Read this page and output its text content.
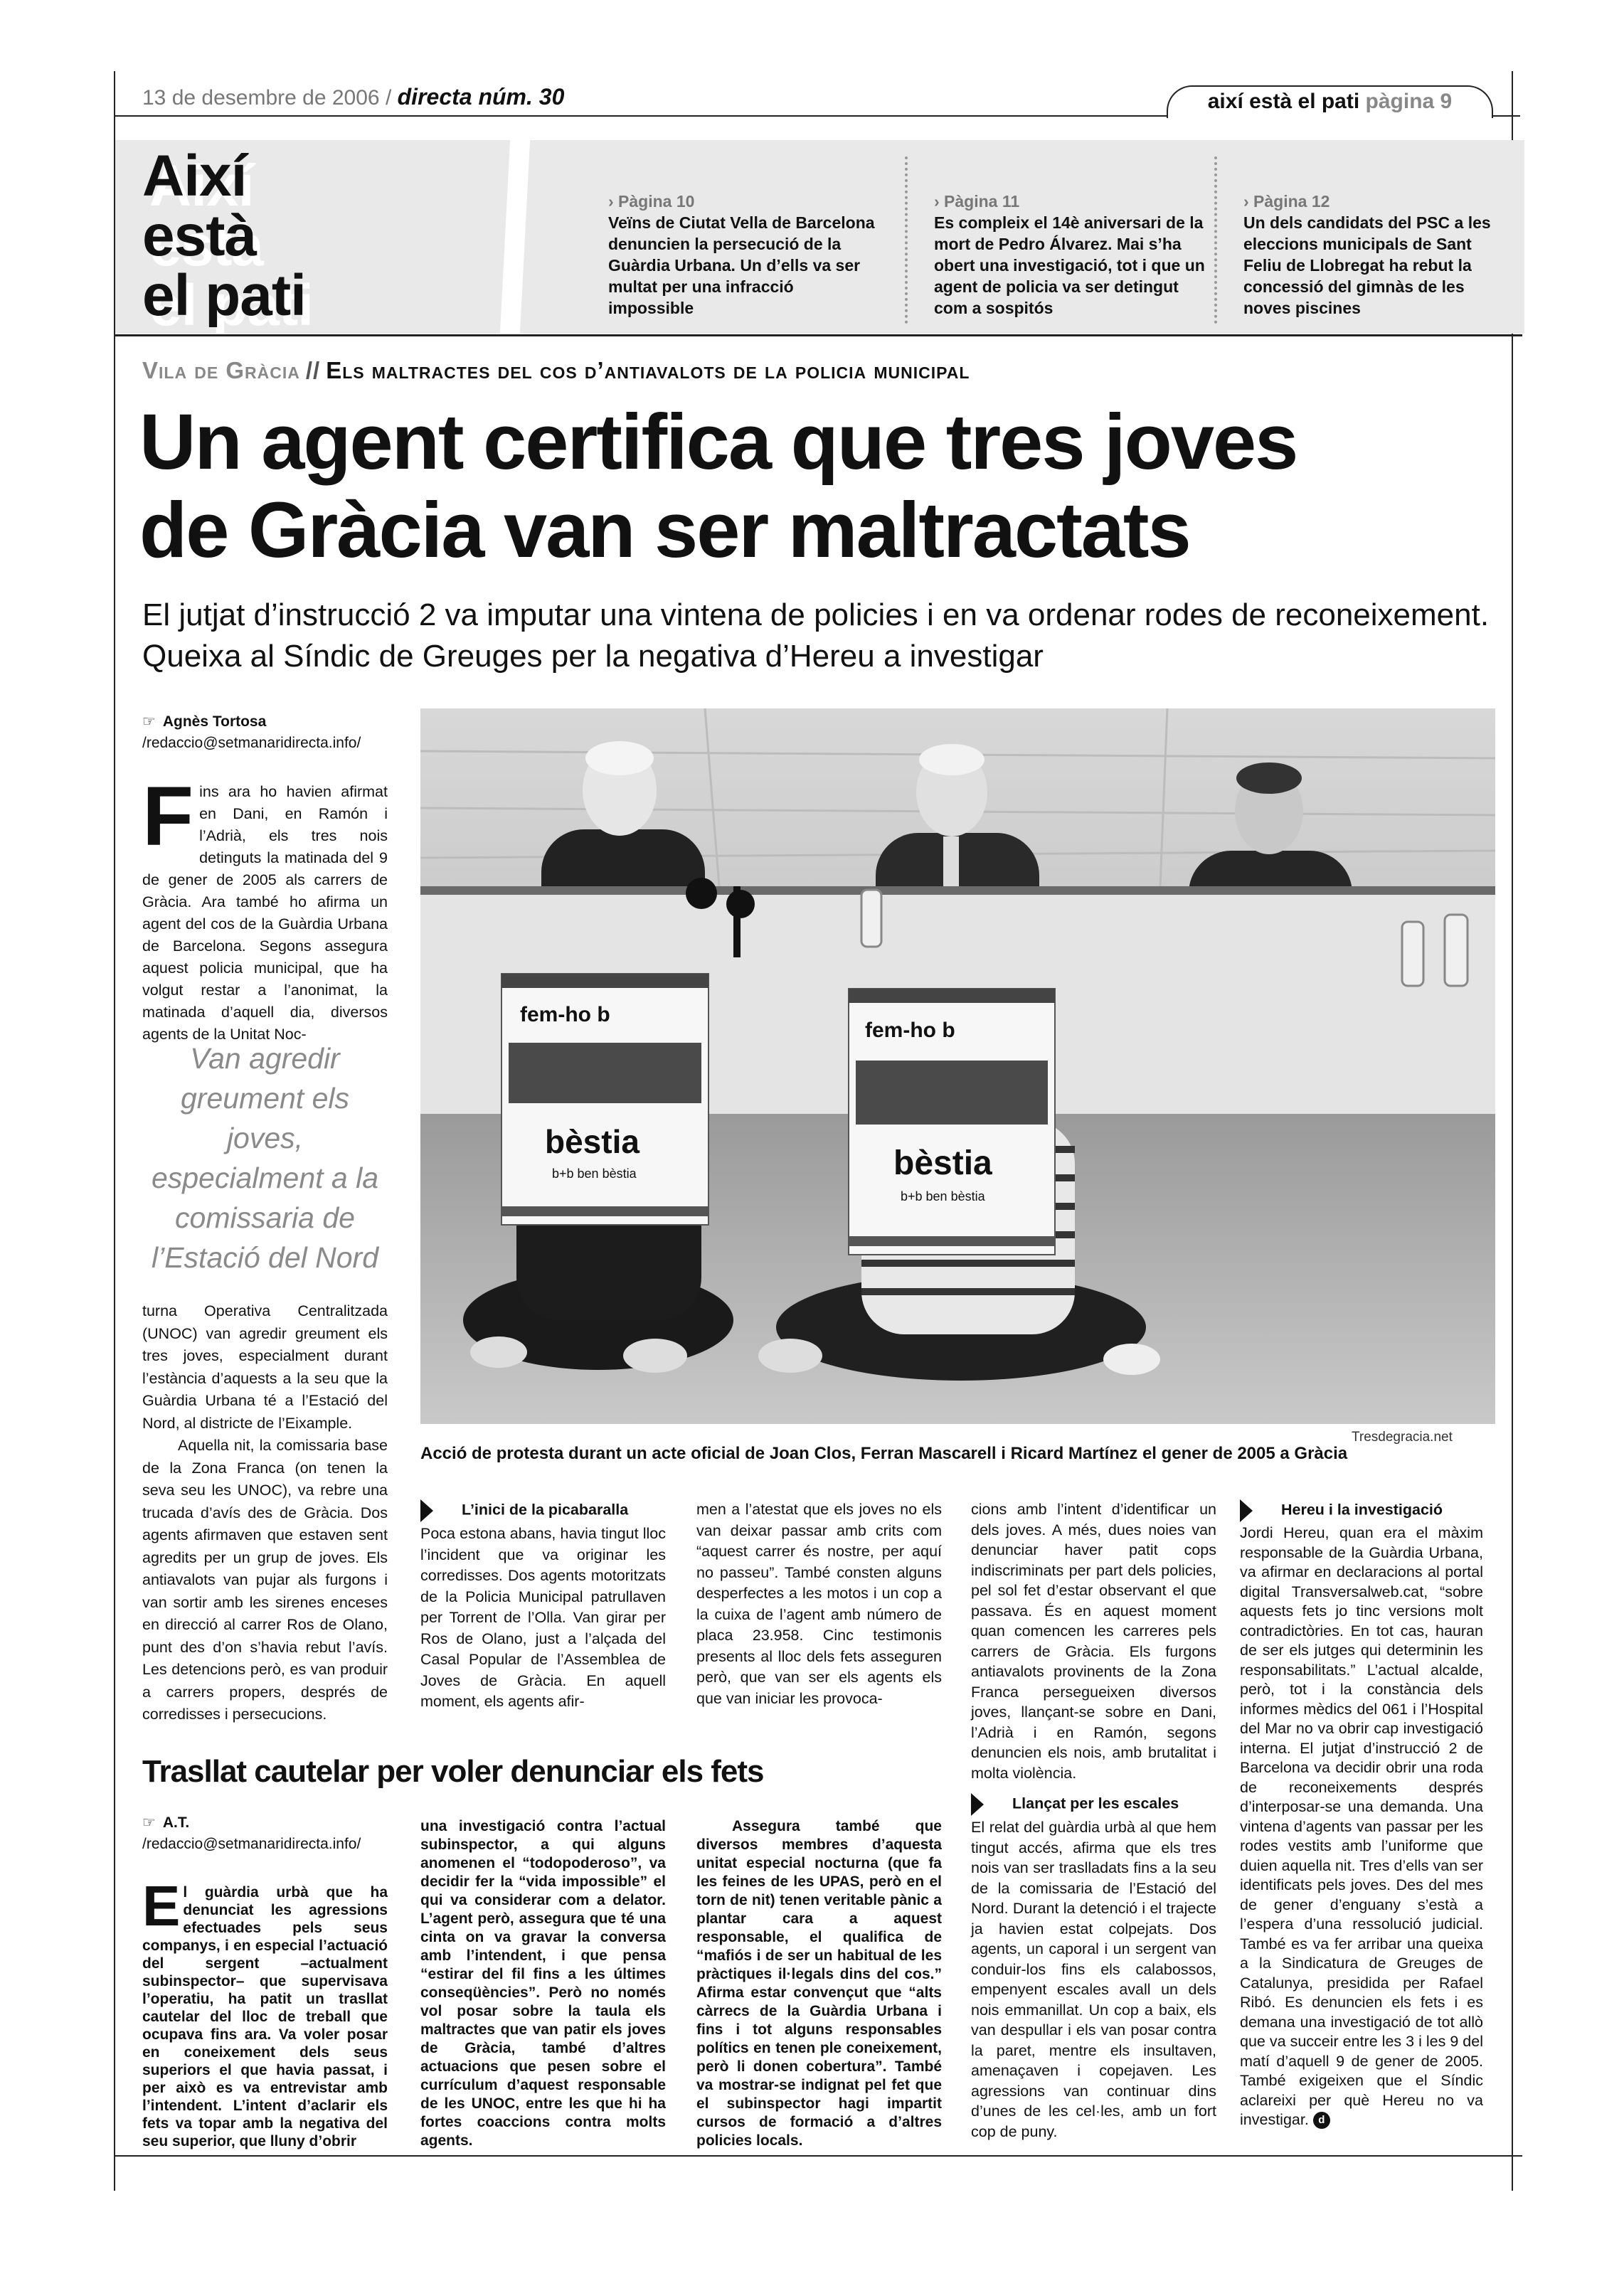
13 de desembre de 2006 / directa núm. 30	així està el pati pàgina 9
Així
està
el pati
› Pàgina 10
Veïns de Ciutat Vella de Barcelona denuncien la persecució de la Guàrdia Urbana. Un d’ells va ser multat per una infracció impossible
› Pàgina 11
Es compleix el 14è aniversari de la mort de Pedro Álvarez. Mai s’ha obert una investigació, tot i que un agent de policia va ser detingut com a sospitós
› Pàgina 12
Un dels candidats del PSC a les eleccions municipals de Sant Feliu de Llobregat ha rebut la concessió del gimnàs de les noves piscines
Vila de Gràcia // Els maltractes del cos d’antiavalots de la policia municipal
Un agent certifica que tres joves
de Gràcia van ser maltractats
El jutjat d’instrucció 2 va imputar una vintena de policies i en va ordenar rodes de reconeixement. Queixa al Síndic de Greuges per la negativa d’Hereu a investigar
☞ Agnès Tortosa
/redaccio@setmanaridirecta.info/
F ins ara ho havien afirmat en Dani, en Ramón i l’Adrià, els tres nois detinguts la matinada del 9 de gener de 2005 als carrers de Gràcia. Ara també ho afirma un agent del cos de la Guàrdia Urbana de Barcelona. Segons assegura aquest policia municipal, que ha volgut restar a l’anonimat, la matinada d’aquell dia, diversos agents de la Unitat Noc-

Van agredir greument els joves, especialment a la comissaria de l’Estació del Nord

turna Operativa Centralitzada (UNOC) van agredir greument els tres joves, especialment durant l’estància d’aquests a la seu que la Guàrdia Urbana té a l’Estació del Nord, al districte de l’Eixample.

Aquella nit, la comissaria base de la Zona Franca (on tenen la seva seu les UNOC), va rebre una trucada d’avís des de Gràcia. Dos agents afirmaven que estaven sent agredits per un grup de joves. Els antiavalots van pujar als furgons i van sortir amb les sirenes enceses en direcció al carrer Ros de Olano, punt des d’on s’havia rebut l’avís. Les detencions però, es van produir a carrers propers, després de corredisses i persecucions.

fem-ho b
bèstia
b+b ben bèstia
fem-ho b
bèstia
b+b ben bèstia
Tresdegracia.net
Acció de protesta durant un acte oficial de Joan Clos, Ferran Mascarell i Ricard Martínez el gener de 2005 a Gràcia
L’inici de la picabaralla

Poca estona abans, havia tingut lloc l’incident que va originar les corredisses. Dos agents motoritzats de la Policia Municipal patrullaven per Torrent de l’Olla. Van girar per Ros de Olano, just a l’alçada del Casal Popular de l’Assemblea de Joves de Gràcia. En aquell moment, els agents afir-

men a l’atestat que els joves no els van deixar passar amb crits com “aquest carrer és nostre, per aquí no passeu”. També consten alguns desperfectes a les motos i un cop a la cuixa de l’agent amb número de placa 23.958. Cinc testimonis presents al lloc dels fets asseguren però, que van ser els agents els que van iniciar les provoca-

cions amb l’intent d’identificar un dels joves. A més, dues noies van denunciar haver patit cops indiscriminats per part dels policies, pel sol fet d’estar observant el que passava. És en aquest moment quan comencen les carreres pels carrers de Gràcia. Els furgons antiavalots provinents de la Zona Franca persegueixen diversos joves, llançant-se sobre en Dani, l’Adrià i en Ramón, segons denuncien els nois, amb brutalitat i molta violència.

Llançat per les escales

El relat del guàrdia urbà al que hem tingut accés, afirma que els tres nois van ser traslladats fins a la seu de la comissaria de l’Estació del Nord. Durant la detenció i el trajecte ja havien estat colpejats. Dos agents, un caporal i un sergent van conduir-los fins els calabossos, empenyent escales avall un dels nois emmanillat. Un cop a baix, els van despullar i els van posar contra la paret, mentre els insultaven, amenaçaven i copejaven. Les agressions van continuar dins d’unes de les cel·les, amb un fort cop de puny.

Hereu i la investigació

Jordi Hereu, quan era el màxim responsable de la Guàrdia Urbana, va afirmar en declaracions al portal digital Transversalweb.cat, “sobre aquests fets jo tinc versions molt contradictòries. En tot cas, hauran de ser els jutges qui determinin les responsabilitats.” L’actual alcalde, però, tot i la constància dels informes mèdics del 061 i l’Hospital del Mar no va obrir cap investigació interna. El jutjat d’instrucció 2 de Barcelona va decidir obrir una roda de reconeixements després d’interposar-se una demanda. Una vintena d’agents van passar per les rodes vestits amb l’uniforme que duien aquella nit. Tres d’ells van ser identificats pels joves. Des del mes de gener d’enguany s’està a l’espera d’una ressolució judicial. També es va fer arribar una queixa a la Sindicatura de Greuges de Catalunya, presidida per Rafael Ribó. Es denuncien els fets i es demana una investigació de tot allò que va succeir entre les 3 i les 9 del matí d’aquell 9 de gener de 2005. També exigeixen que el Síndic aclareixi per què Hereu no va investigar. d

Trasllat cautelar per voler denunciar els fets
☞ A.T.
/redaccio@setmanaridirecta.info/
E l guàrdia urbà que ha denunciat les agressions efectuades pels seus companys, i en especial l’actuació del sergent –actualment subinspector– que supervisava l’operatiu, ha patit un trasllat cautelar del lloc de treball que ocupava fins ara. Va voler posar en coneixement dels seus superiors el que havia passat, i per això es va entrevistar amb l’intendent. L’intent d’aclarir els fets va topar amb la negativa del seu superior, que lluny d’obrir

una investigació contra l’actual subinspector, a qui alguns anomenen el “todopoderoso”, va decidir fer la “vida impossible” el qui va considerar com a delator. L’agent però, assegura que té una cinta on va gravar la conversa amb l’intendent, i que pensa “estirar del fil fins a les últimes conseqüències”. Però no només vol posar sobre la taula els maltractes que van patir els joves de Gràcia, també d’altres actuacions que pesen sobre el currículum d’aquest responsable de les UNOC, entre les que hi ha fortes coaccions contra molts agents.

Assegura també que diversos membres d’aquesta unitat especial nocturna (que fa les feines de les UPAS, però en el torn de nit) tenen veritable pànic a plantar cara a aquest responsable, el qualifica de “mafiós i de ser un habitual de les pràctiques il·legals dins del cos.” Afirma estar convençut que “alts càrrecs de la Guàrdia Urbana i fins i tot alguns responsables polítics en tenen ple coneixement, però li donen cobertura”. També va mostrar-se indignat pel fet que el subinspector hagi impartit cursos de formació a d’altres policies locals.
